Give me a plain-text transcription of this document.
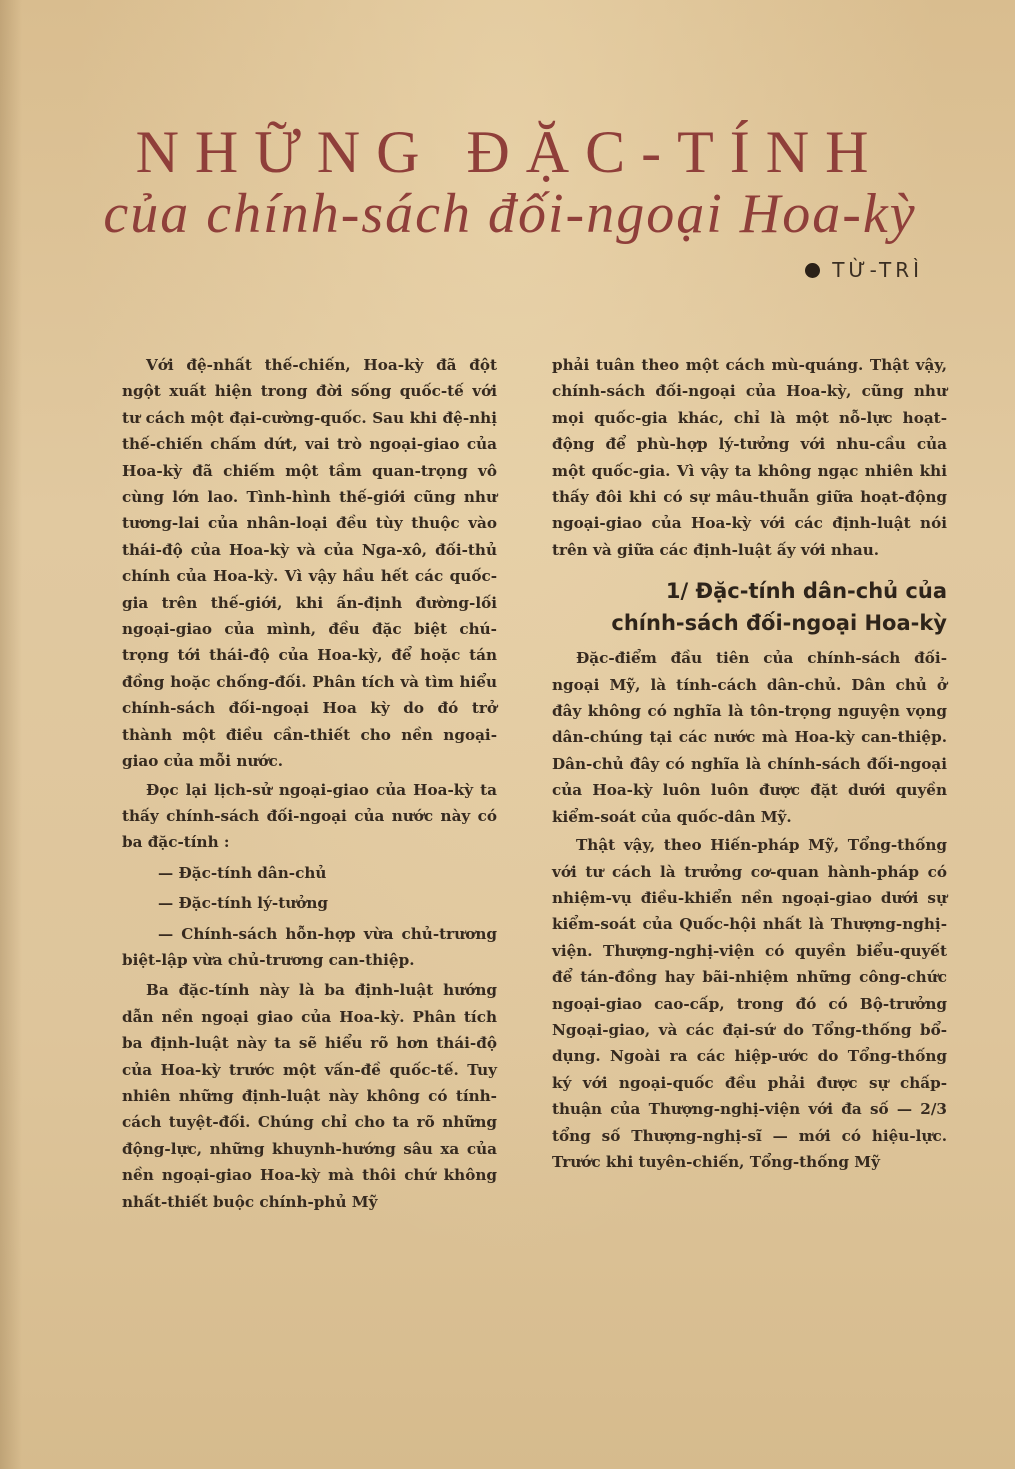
NHỮNG ĐẶC-TÍNH
của chính-sách đối-ngoại Hoa-kỳ
TỪ-TRÌ

Với đệ-nhất thế-chiến, Hoa-kỳ đã đột ngột xuất hiện trong đời sống quốc-tế với tư cách một đại-cường-quốc. Sau khi đệ-nhị thế-chiến chấm dứt, vai trò ngoại-giao của Hoa-kỳ đã chiếm một tầm quan-trọng vô cùng lớn lao. Tình-hình thế-giới cũng như tương-lai của nhân-loại đều tùy thuộc vào thái-độ của Hoa-kỳ và của Nga-xô, đối-thủ chính của Hoa-kỳ. Vì vậy hầu hết các quốc-gia trên thế-giới, khi ấn-định đường-lối ngoại-giao của mình, đều đặc biệt chú-trọng tới thái-độ của Hoa-kỳ, để hoặc tán đồng hoặc chống-đối. Phân tích và tìm hiểu chính-sách đối-ngoại Hoa kỳ do đó trở thành một điều cần-thiết cho nền ngoại-giao của mỗi nước.

Đọc lại lịch-sử ngoại-giao của Hoa-kỳ ta thấy chính-sách đối-ngoại của nước này có ba đặc-tính :

— Đặc-tính dân-chủ

— Đặc-tính lý-tưởng

— Chính-sách hỗn-hợp vừa chủ-trương biệt-lập vừa chủ-trương can-thiệp.

Ba đặc-tính này là ba định-luật hướng dẫn nền ngoại giao của Hoa-kỳ. Phân tích ba định-luật này ta sẽ hiểu rõ hơn thái-độ của Hoa-kỳ trước một vấn-đề quốc-tế. Tuy nhiên những định-luật này không có tính-cách tuyệt-đối. Chúng chỉ cho ta rõ những động-lực, những khuynh-hướng sâu xa của nền ngoại-giao Hoa-kỳ mà thôi chứ không nhất-thiết buộc chính-phủ Mỹ

phải tuân theo một cách mù-quáng. Thật vậy, chính-sách đối-ngoại của Hoa-kỳ, cũng như mọi quốc-gia khác, chỉ là một nỗ-lực hoạt-động để phù-hợp lý-tưởng với nhu-cầu của một quốc-gia. Vì vậy ta không ngạc nhiên khi thấy đôi khi có sự mâu-thuẫn giữa hoạt-động ngoại-giao của Hoa-kỳ với các định-luật nói trên và giữa các định-luật ấy với nhau.

1/ Đặc-tính dân-chủ của
chính-sách đối-ngoại Hoa-kỳ

Đặc-điểm đầu tiên của chính-sách đối-ngoại Mỹ, là tính-cách dân-chủ. Dân chủ ở đây không có nghĩa là tôn-trọng nguyện vọng dân-chúng tại các nước mà Hoa-kỳ can-thiệp. Dân-chủ đây có nghĩa là chính-sách đối-ngoại của Hoa-kỳ luôn luôn được đặt dưới quyền kiểm-soát của quốc-dân Mỹ.

Thật vậy, theo Hiến-pháp Mỹ, Tổng-thống với tư cách là trưởng cơ-quan hành-pháp có nhiệm-vụ điều-khiển nền ngoại-giao dưới sự kiểm-soát của Quốc-hội nhất là Thượng-nghị-viện. Thượng-nghị-viện có quyền biểu-quyết để tán-đồng hay bãi-nhiệm những công-chức ngoại-giao cao-cấp, trong đó có Bộ-trưởng Ngoại-giao, và các đại-sứ do Tổng-thống bổ-dụng. Ngoài ra các hiệp-ước do Tổng-thống ký với ngoại-quốc đều phải được sự chấp-thuận của Thượng-nghị-viện với đa số — 2/3 tổng số Thượng-nghị-sĩ — mới có hiệu-lực. Trước khi tuyên-chiến, Tổng-thống Mỹ
